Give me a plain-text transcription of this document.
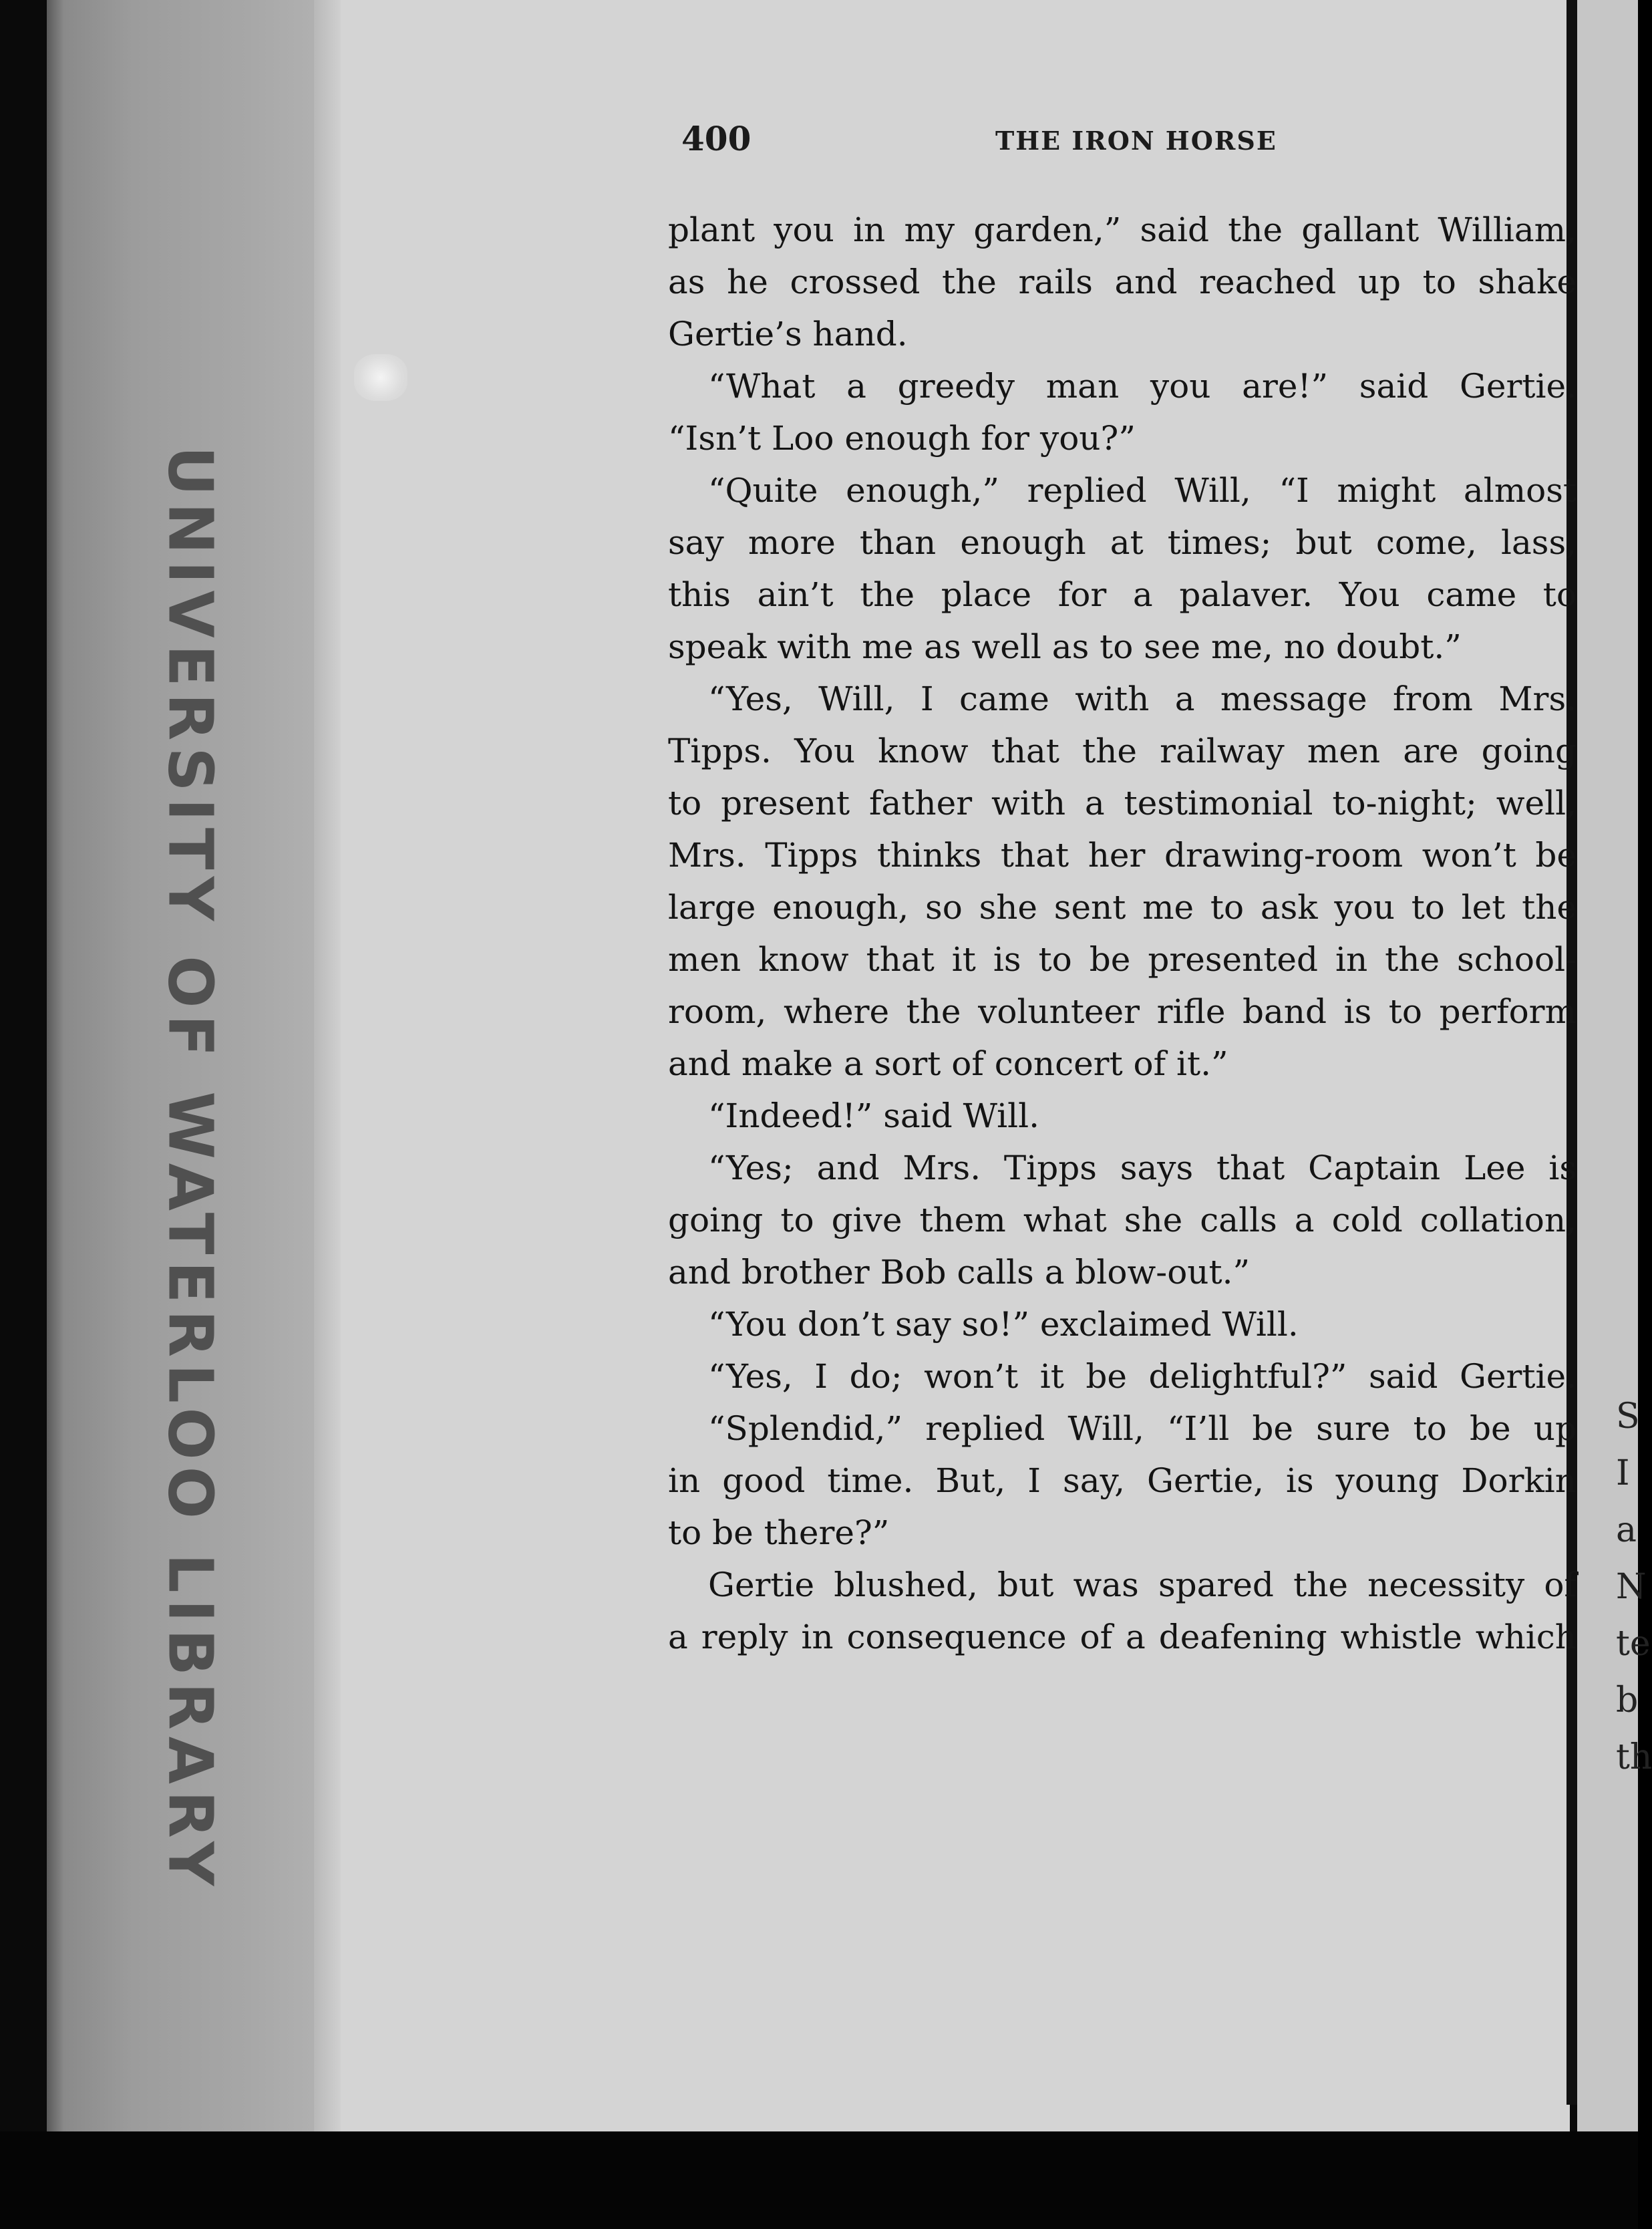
UNIVERSITY OF WATERLOO LIBRARY	S
I
a
N
te
b
th
400	THE IRON HORSE
plant you in my garden,” said the gallant William,
as he crossed the rails and reached up to shake
Gertie’s hand.
“What a greedy man you are!” said Gertie.
“Isn’t Loo enough for you?”
“Quite enough,” replied Will, “I might almost
say more than enough at times; but come, lass,
this ain’t the place for a palaver. You came to
speak with me as well as to see me, no doubt.”
“Yes, Will, I came with a message from Mrs.
Tipps. You know that the railway men are going
to present father with a testimonial to-night; well,
Mrs. Tipps thinks that her drawing-room won’t be
large enough, so she sent me to ask you to let the
men know that it is to be presented in the school-
room, where the volunteer rifle band is to perform
and make a sort of concert of it.”
“Indeed!” said Will.
“Yes; and Mrs. Tipps says that Captain Lee is
going to give them what she calls a cold collation,
and brother Bob calls a blow-out.”
“You don’t say so!” exclaimed Will.
“Yes, I do; won’t it be delightful?” said Gertie.
“Splendid,” replied Will, “I’ll be sure to be up
in good time. But, I say, Gertie, is young Dorkin
to be there?”
Gertie blushed, but was spared the necessity of
a reply in consequence of a deafening whistle which
